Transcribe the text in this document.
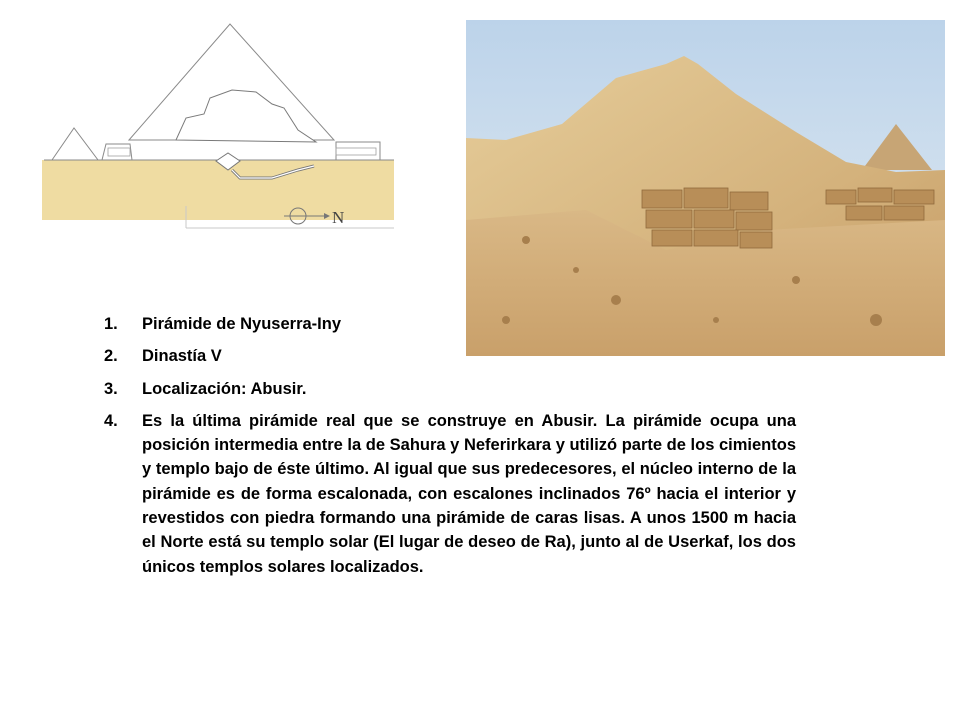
N
1. Pirámide de Nyuserra-Iny
2. Dinastía V
3. Localización: Abusir.
4. Es la última pirámide real que se construye en Abusir. La pirámide ocupa una posición intermedia entre la de Sahura y Neferirkara y utilizó parte de los cimientos y templo bajo de éste último. Al igual que sus predecesores, el núcleo interno de la pirámide es de forma escalonada, con escalones inclinados 76º hacia el interior y revestidos con piedra formando una pirámide de caras lisas. A unos 1500 m hacia el Norte está su templo solar (El lugar de deseo de Ra), junto al de Userkaf, los dos únicos templos solares localizados.
